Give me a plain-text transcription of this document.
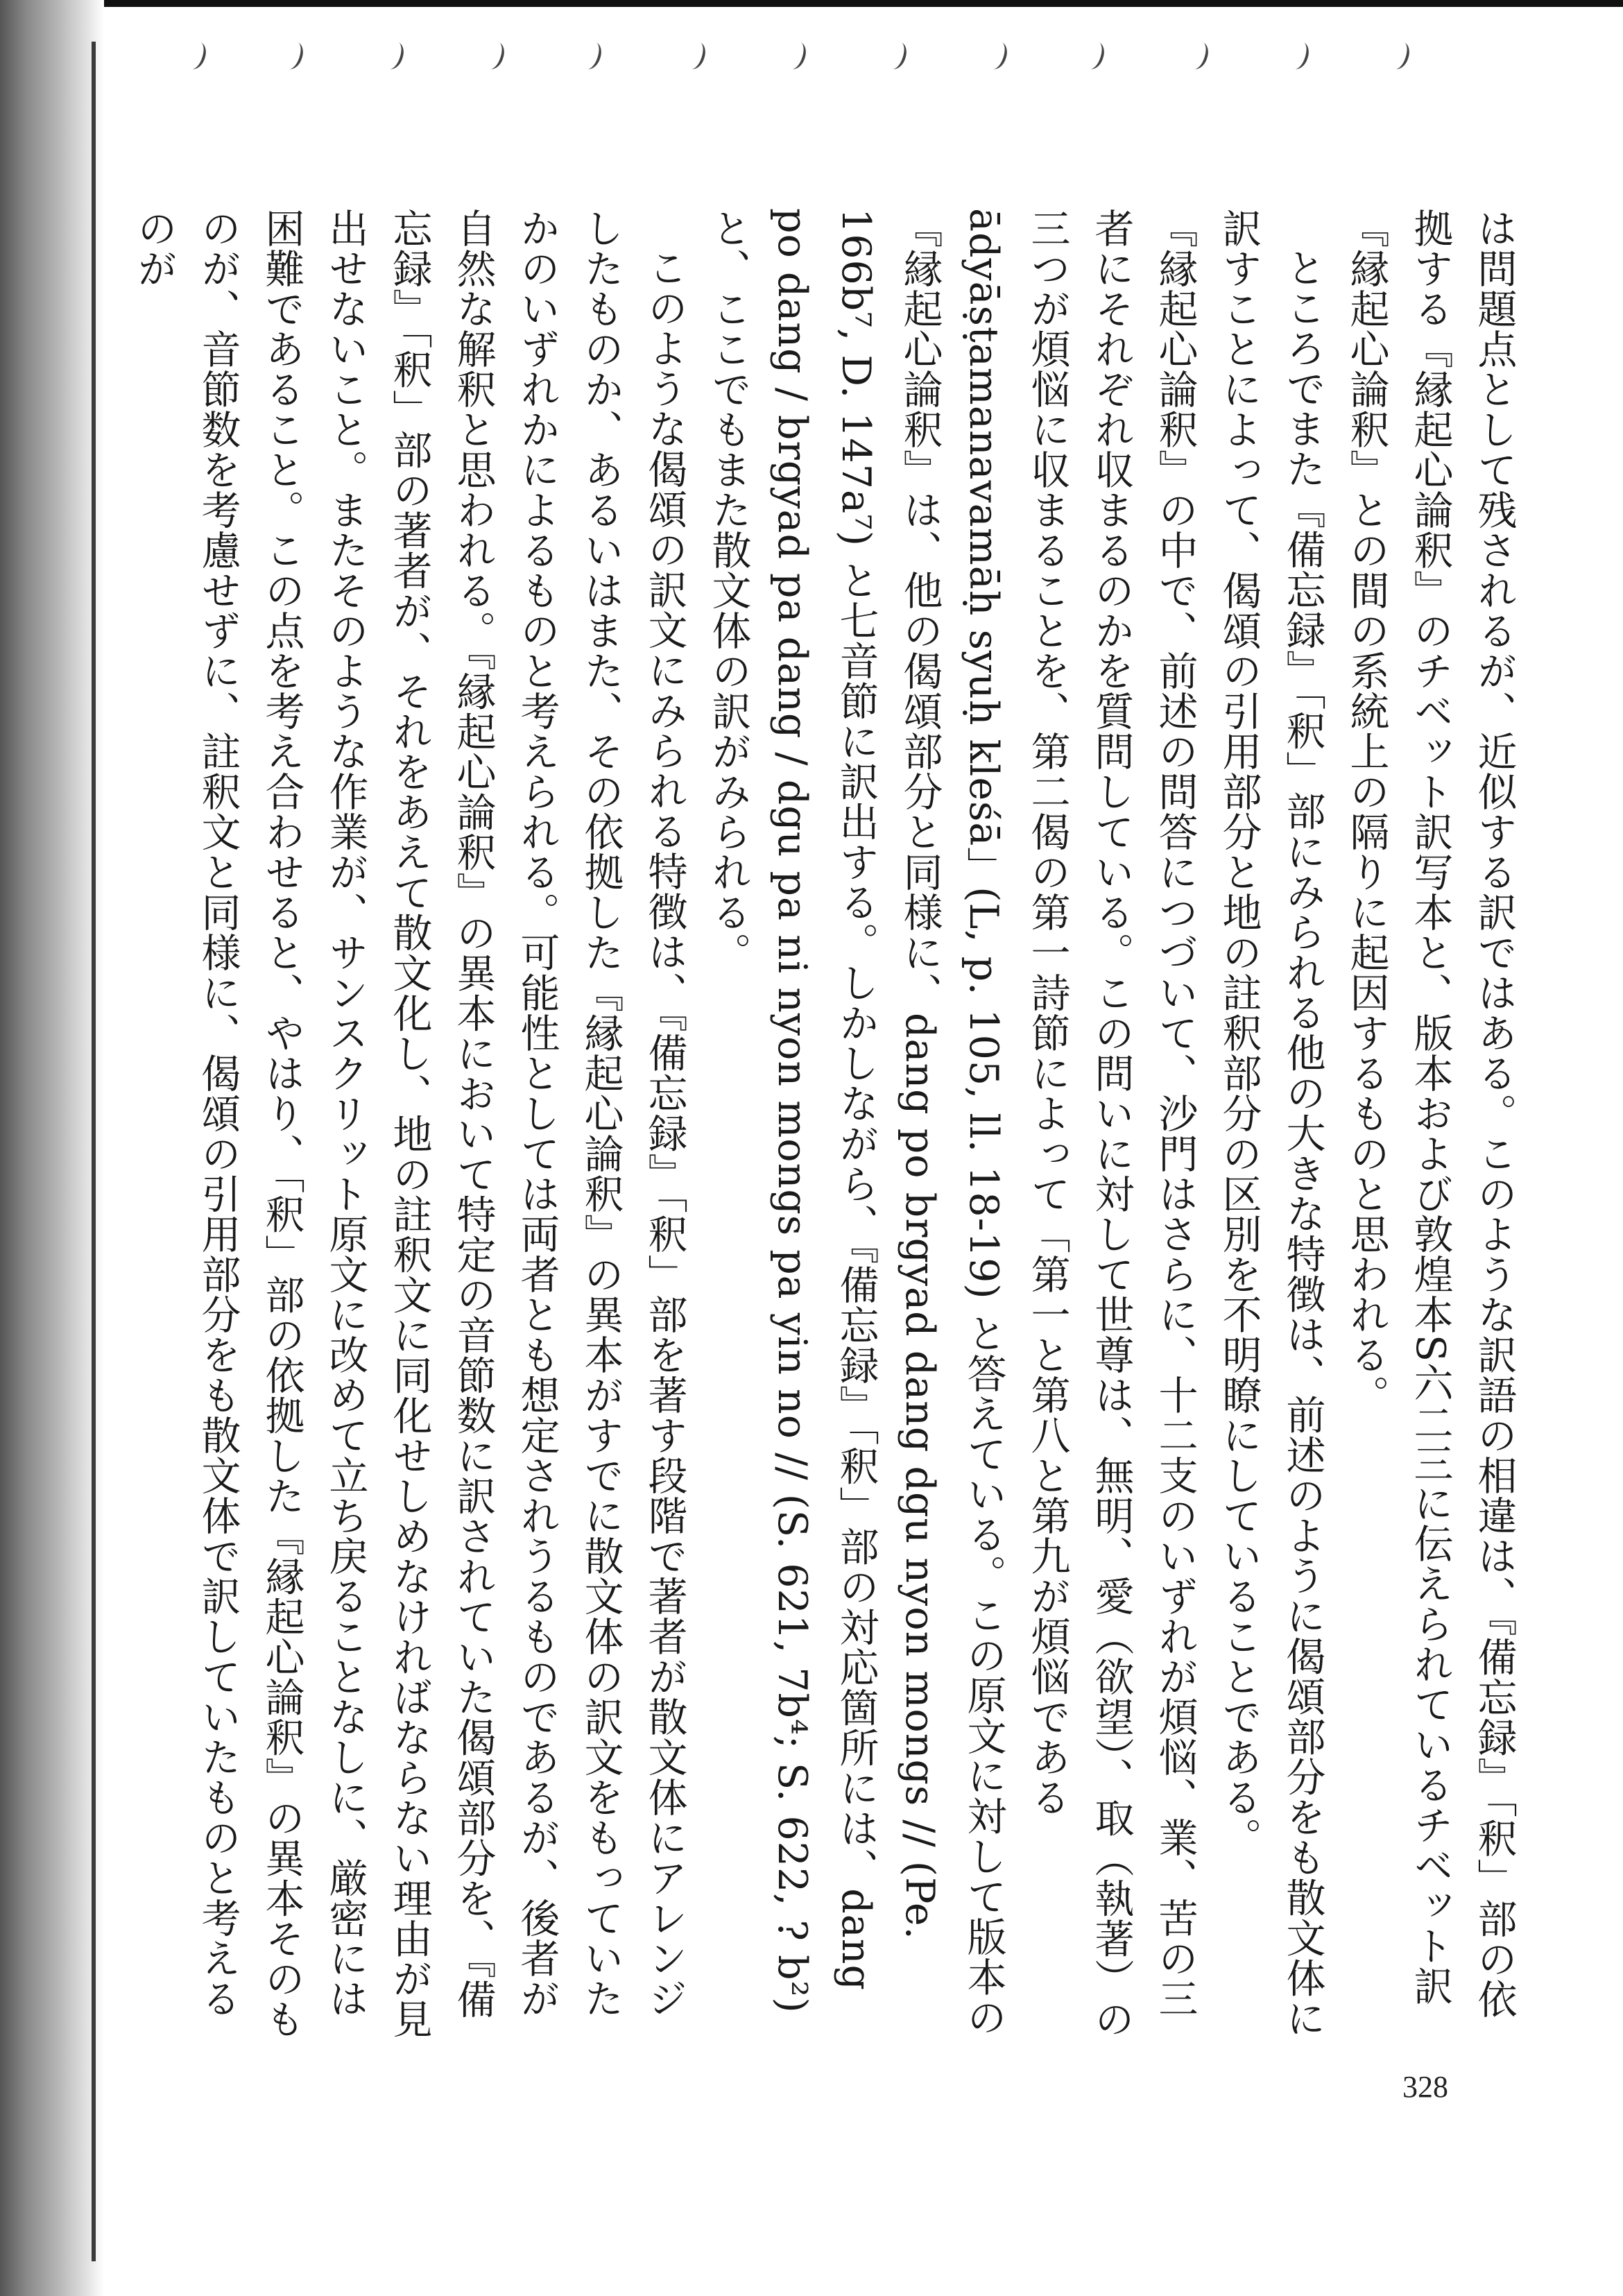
は問題点として残されるが、近似する訳ではある。このような訳語の相違は、『備忘録』「釈」部の依拠する『縁起心論釈』のチベット訳写本と、版本および敦煌本S六二三に伝えられているチベット訳『縁起心論釈』との間の系統上の隔りに起因するものと思われる。

ところでまた『備忘録』「釈」部にみられる他の大きな特徴は、前述のように偈頌部分をも散文体に訳すことによって、偈頌の引用部分と地の註釈部分の区別を不明瞭にしていることである。

『縁起心論釈』の中で、前述の問答につづいて、沙門はさらに、十二支のいずれが煩悩、業、苦の三者にそれぞれ収まるのかを質問している。この問いに対して世尊は、無明、愛（欲望）、取（執著）の三つが煩悩に収まることを、第二偈の第一詩節によって「第一と第八と第九が煩悩である ādyāṣṭamanavamāḥ syuḥ kleśā」(L, p. 105, ll. 18-19) と答えている。この原文に対して版本の『縁起心論釈』は、他の偈頌部分と同様に、dang po brgyad dang dgu nyon mongs // (Pe. 166b⁷, D. 147a⁷) と七音節に訳出する。しかしながら、『備忘録』「釈」部の対応箇所には、dang po dang / brgyad pa dang / dgu pa ni nyon mongs pa yin no // (S. 621, 7b⁴; S. 622, ? b²) と、ここでもまた散文体の訳がみられる。

このような偈頌の訳文にみられる特徴は、『備忘録』「釈」部を著す段階で著者が散文体にアレンジしたものか、あるいはまた、その依拠した『縁起心論釈』の異本がすでに散文体の訳文をもっていたかのいずれかによるものと考えられる。可能性としては両者とも想定されうるものであるが、後者が自然な解釈と思われる。『縁起心論釈』の異本において特定の音節数に訳されていた偈頌部分を、『備忘録』「釈」部の著者が、それをあえて散文化し、地の註釈文に同化せしめなければならない理由が見出せないこと。またそのような作業が、サンスクリット原文に改めて立ち戻ることなしに、厳密には困難であること。この点を考え合わせると、やはり、「釈」部の依拠した『縁起心論釈』の異本そのものが、音節数を考慮せずに、註釈文と同様に、偈頌の引用部分をも散文体で訳していたものと考えるのが

328
